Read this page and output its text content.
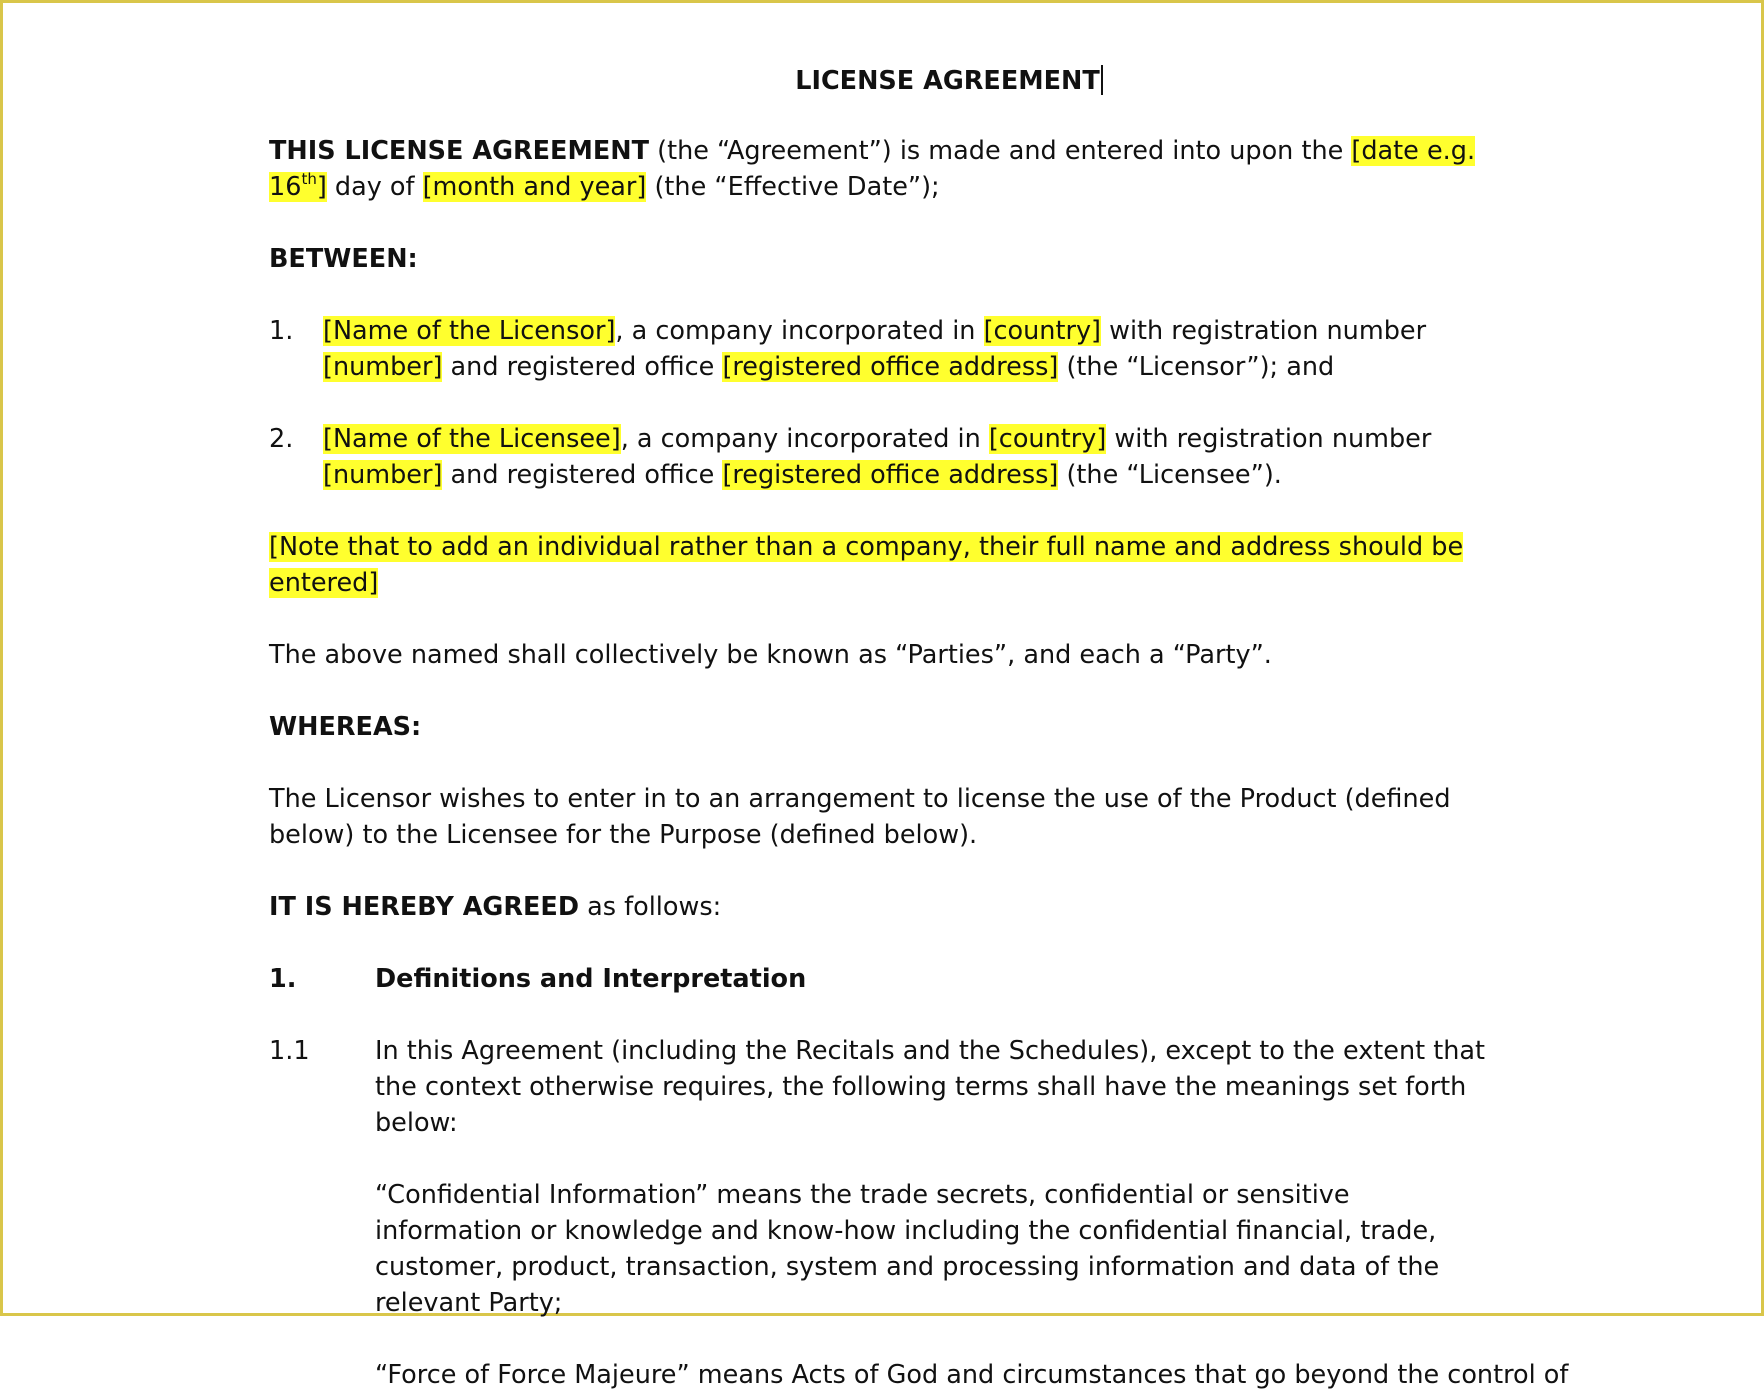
LICENSE AGREEMENT

THIS LICENSE AGREEMENT (the “Agreement”) is made and entered into upon the [date e.g. 16th] day of [month and year] (the “Effective Date”);

BETWEEN:

1. [Name of the Licensor], a company incorporated in [country] with registration number [number] and registered office [registered office address] (the “Licensor”); and
2. [Name of the Licensee], a company incorporated in [country] with registration number [number] and registered office [registered office address] (the “Licensee”).

[Note that to add an individual rather than a company, their full name and address should be entered]

The above named shall collectively be known as “Parties”, and each a “Party”.

WHEREAS:

The Licensor wishes to enter in to an arrangement to license the use of the Product (defined below) to the Licensee for the Purpose (defined below).

IT IS HEREBY AGREED as follows:

1.	Definitions and Interpretation
1.1	In this Agreement (including the Recitals and the Schedules), except to the extent that the context otherwise requires, the following terms shall have the meanings set forth below:
“Confidential Information” means the trade secrets, confidential or sensitive information or knowledge and know-how including the confidential financial, trade, customer, product, transaction, system and processing information and data of the relevant Party;
“Force of Force Majeure” means Acts of God and circumstances that go beyond the control of
